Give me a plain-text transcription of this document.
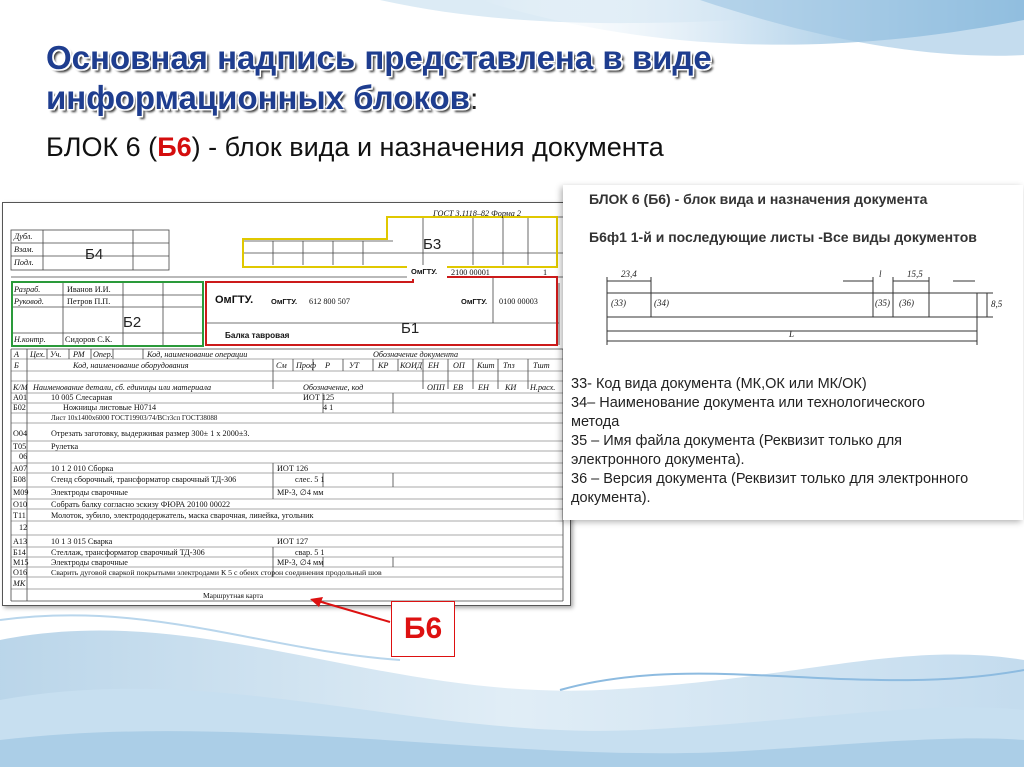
Основная надпись представлена в виде
информационных блоков:
БЛОК 6 (Б6) - блок вида и назначения документа
ГОСТ 3.1118–82 Форма 2
Дубл.
Взам.
Подл.	Б4
Б3
ОмГТУ. 2100 00001	1
Разраб.	Иванов И.И.
Руковод.	Петров П.П.
Б2
Н.контр. Сидоров С.К.
ОмГТУ. ОмГТУ. 612 800 507	ОмГТУ. 0100 00003
Б1
Балка тавровая
А Цех. Уч. РМ Опер.	Код, наименование операции	Обозначение документа
Б	Код, наименование оборудования	См Проф Р УТ КР КОИД ЕН ОП Кшт Тпз Тшт
К/М Наименование детали, сб. единицы или материала	Обозначение, код	ОПП ЕВ ЕН КИ Н.расх.
А01	10 005 Слесарная	ИОТ 125
Б02	Ножницы листовые Н0714	4 1
Лист 10х1400х6000 ГОСТ19903/74/ВСт3сп ГОСТ38088
О04	Отрезать заготовку, выдерживая размер 300± 1 х 2000±3.
Т05	Рулетка
06
А07	10 1 2 010 Сборка	ИОТ 126
Б08	Стенд сборочный, трансформатор сварочный ТД-306	слес. 5 1
М09	Электроды сварочные	МР-3, ∅4 мм
О10	Собрать балку согласно эскизу ФЮРА 20100 00022
Т11	Молоток, зубило, электрододержатель, маска сварочная, линейка, угольник
12
А13	10 1 3 015 Сварка	ИОТ 127
Б14	Стеллаж, трансформатор сварочный ТД-306	свар. 5 1
М15	Электроды сварочные	МР-3, ∅4 мм
О16	Сварить дуговой сваркой покрытыми электродами К 5 с обеих сторон соединения продольный шов
МК
Маршрутная карта
БЛОК 6 (Б6) - блок вида и назначения документа
Б6ф1 1-й и последующие листы -Все виды документов
23,4	l	15,5
8,5
L
(33)	(34)	(35) (36)
33- Код вида документа (МК,ОК или МК/ОК)
34– Наименование документа или технологического
метода
35 – Имя файла документа (Реквизит только для
электронного документа).
36 – Версия документа (Реквизит только для электронного
документа).
Б6
